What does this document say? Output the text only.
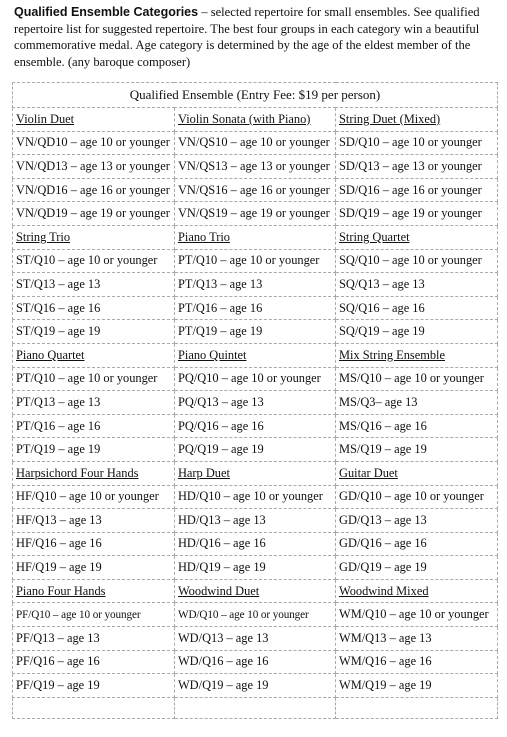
Qualified Ensemble Categories – selected repertoire for small ensembles. See qualified repertoire list for suggested repertoire. The best four groups in each category win a beautiful commemorative medal. Age category is determined by the age of the eldest member of the ensemble. (any baroque composer)

Qualified Ensemble (Entry Fee: $19 per person)		
Violin Duet	Violin Sonata (with Piano)	String Duet (Mixed)
VN/QD10 – age 10 or younger	VN/QS10 – age 10 or younger	SD/Q10 – age 10 or younger
VN/QD13 – age 13 or younger	VN/QS13 – age 13 or younger	SD/Q13 – age 13 or younger
VN/QD16 – age 16 or younger	VN/QS16 – age 16 or younger	SD/Q16 – age 16 or younger
VN/QD19 – age 19 or younger	VN/QS19 – age 19 or younger	SD/Q19 – age 19 or younger
String Trio	Piano Trio	String Quartet
ST/Q10 – age 10 or younger	PT/Q10 – age 10 or younger	SQ/Q10 – age 10 or younger
ST/Q13 – age 13	PT/Q13 – age 13	SQ/Q13 – age 13
ST/Q16 – age 16	PT/Q16 – age 16	SQ/Q16 – age 16
ST/Q19 – age 19	PT/Q19 – age 19	SQ/Q19 – age 19
Piano Quartet	Piano Quintet	Mix String Ensemble
PT/Q10 – age 10 or younger	PQ/Q10 – age 10 or younger	MS/Q10 – age 10 or younger
PT/Q13 – age 13	PQ/Q13 – age 13	MS/Q3– age 13
PT/Q16 – age 16	PQ/Q16 – age 16	MS/Q16 – age 16
PT/Q19 – age 19	PQ/Q19 – age 19	MS/Q19 – age 19
Harpsichord Four Hands	Harp Duet	Guitar Duet
HF/Q10 – age 10 or younger	HD/Q10 – age 10 or younger	GD/Q10 – age 10 or younger
HF/Q13 – age 13	HD/Q13 – age 13	GD/Q13 – age 13
HF/Q16 – age 16	HD/Q16 – age 16	GD/Q16 – age 16
HF/Q19 – age 19	HD/Q19 – age 19	GD/Q19 – age 19
Piano Four Hands	Woodwind Duet	Woodwind Mixed
PF/Q10 – age 10 or younger	WD/Q10 – age 10 or younger	WM/Q10 – age 10 or younger
PF/Q13 – age 13	WD/Q13 – age 13	WM/Q13 – age 13
PF/Q16 – age 16	WD/Q16 – age 16	WM/Q16 – age 16
PF/Q19 – age 19	WD/Q19 – age 19	WM/Q19 – age 19
